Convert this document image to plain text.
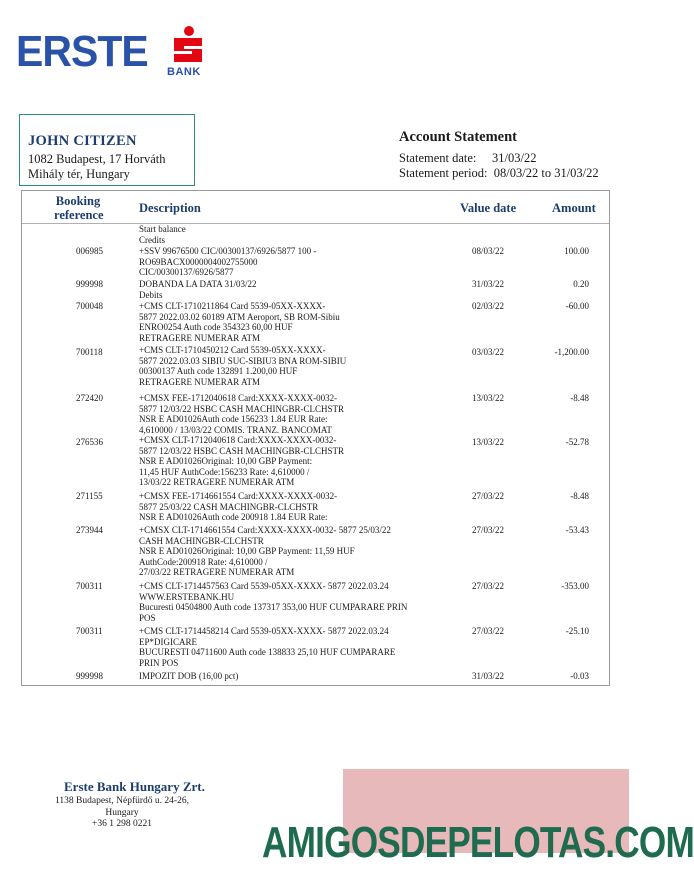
ERSTE BANK
JOHN CITIZEN
1082 Budapest, 17 Horváth
Mihály tér, Hungary
Account Statement
Statement date: 31/03/22
Statement period: 08/03/22 to 31/03/22
Booking
reference	Description	Value date	Amount
Start balance
Credits
006985	+SSV 99676500 CIC/00300137/6926/5877 100 -
RO69BACX0000004002755000
CIC/00300137/6926/5877
08/03/22	100.00
999998	DOBANDA LA DATA 31/03/22
Debits
31/03/22	0.20
700048	+CMS CLT-1710211864 Card 5539-05XX-XXXX-
5877 2022.03.02 60189 ATM Aeroport, SB ROM-Sibiu
ENRO0254 Auth code 354323 60,00 HUF
RETRAGERE NUMERAR ATM
02/03/22	-60.00
700118	+CMS CLT-1710450212 Card 5539-05XX-XXXX-
5877 2022.03.03 SIBIU SUC-SIBIU3 BNA ROM-SIBIU
00300137 Auth code 132891 1.200,00 HUF
RETRAGERE NUMERAR ATM
03/03/22	-1,200.00
272420	+CMSX FEE-1712040618 Card:XXXX-XXXX-0032-
5877 12/03/22 HSBC CASH MACHINGBR-CLCHSTR
NSR E AD01026Auth code 156233 1.84 EUR Rate:
4,610000 / 13/03/22 COMIS. TRANZ. BANCOMAT
13/03/22	-8.48
276536	+CMSX CLT-1712040618 Card:XXXX-XXXX-0032-
5877 12/03/22 HSBC CASH MACHINGBR-CLCHSTR
NSR E AD01026Original: 10,00 GBP Payment:
11,45 HUF AuthCode:156233 Rate: 4,610000 /
13/03/22 RETRAGERE NUMERAR ATM
13/03/22	-52.78
271155	+CMSX FEE-1714661554 Card:XXXX-XXXX-0032-
5877 25/03/22 CASH MACHINGBR-CLCHSTR
NSR E AD01026Auth code 200918 1.84 EUR Rate:
27/03/22	-8.48
273944	+CMSX CLT-1714661554 Card:XXXX-XXXX-0032- 5877 25/03/22
CASH MACHINGBR-CLCHSTR
NSR E AD01026Original: 10,00 GBP Payment: 11,59 HUF
AuthCode:200918 Rate: 4,610000 /
27/03/22 RETRAGERE NUMERAR ATM
27/03/22	-53.43
700311	+CMS CLT-1714457563 Card 5539-05XX-XXXX- 5877 2022.03.24
WWW.ERSTEBANK.HU
Bucuresti 04504800 Auth code 137317 353,00 HUF CUMPARARE PRIN
POS
27/03/22	-353.00
700311	+CMS CLT-1714458214 Card 5539-05XX-XXXX- 5877 2022.03.24
EP*DIGICARE
BUCURESTI 04711600 Auth code 138833 25,10 HUF CUMPARARE
PRIN POS
27/03/22	-25.10
999998	IMPOZIT DOB (16,00 pct)	31/03/22	-0.03
Erste Bank Hungary Zrt.
1138 Budapest, Népfürdő u. 24-26,
Hungary
+36 1 298 0221	AMIGOSDEPELOTAS.COM
